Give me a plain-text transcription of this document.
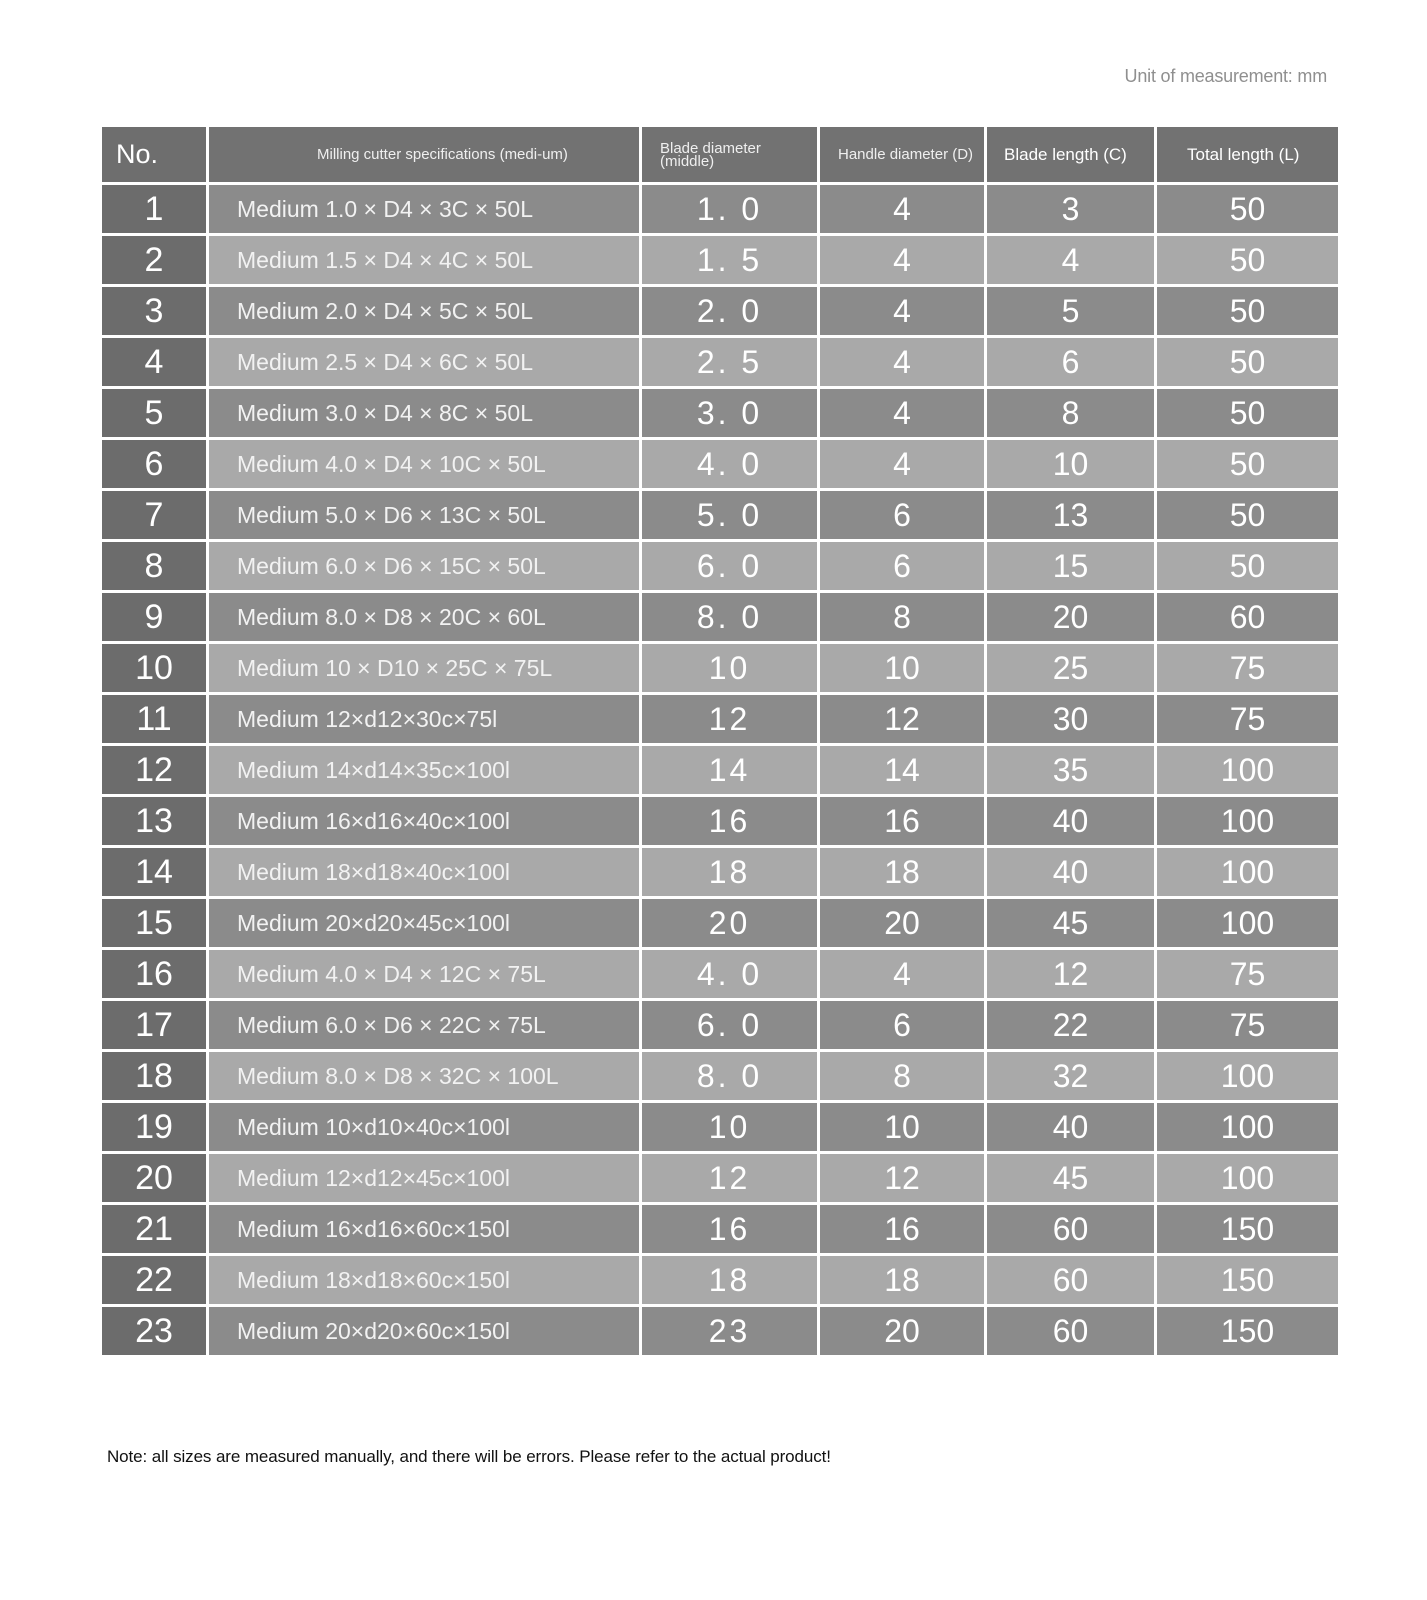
Unit of measurement: mm
No.	Milling cutter specifications (medi-um)	Blade diameter (middle)	Handle diameter (D)	Blade length (C)	Total length (L)
1	Medium 1.0 × D4 × 3C × 50L	1. 0	4	3	50
2	Medium 1.5 × D4 × 4C × 50L	1. 5	4	4	50
3	Medium 2.0 × D4 × 5C × 50L	2. 0	4	5	50
4	Medium 2.5 × D4 × 6C × 50L	2. 5	4	6	50
5	Medium 3.0 × D4 × 8C × 50L	3. 0	4	8	50
6	Medium 4.0 × D4 × 10C × 50L	4. 0	4	10	50
7	Medium 5.0 × D6 × 13C × 50L	5. 0	6	13	50
8	Medium 6.0 × D6 × 15C × 50L	6. 0	6	15	50
9	Medium 8.0 × D8 × 20C × 60L	8. 0	8	20	60
10	Medium 10 × D10 × 25C × 75L	10	10	25	75
11	Medium 12×d12×30c×75l	12	12	30	75
12	Medium 14×d14×35c×100l	14	14	35	100
13	Medium 16×d16×40c×100l	16	16	40	100
14	Medium 18×d18×40c×100l	18	18	40	100
15	Medium 20×d20×45c×100l	20	20	45	100
16	Medium 4.0 × D4 × 12C × 75L	4. 0	4	12	75
17	Medium 6.0 × D6 × 22C × 75L	6. 0	6	22	75
18	Medium 8.0 × D8 × 32C × 100L	8. 0	8	32	100
19	Medium 10×d10×40c×100l	10	10	40	100
20	Medium 12×d12×45c×100l	12	12	45	100
21	Medium 16×d16×60c×150l	16	16	60	150
22	Medium 18×d18×60c×150l	18	18	60	150
23	Medium 20×d20×60c×150l	23	20	60	150
Note: all sizes are measured manually, and there will be errors. Please refer to the actual product!
